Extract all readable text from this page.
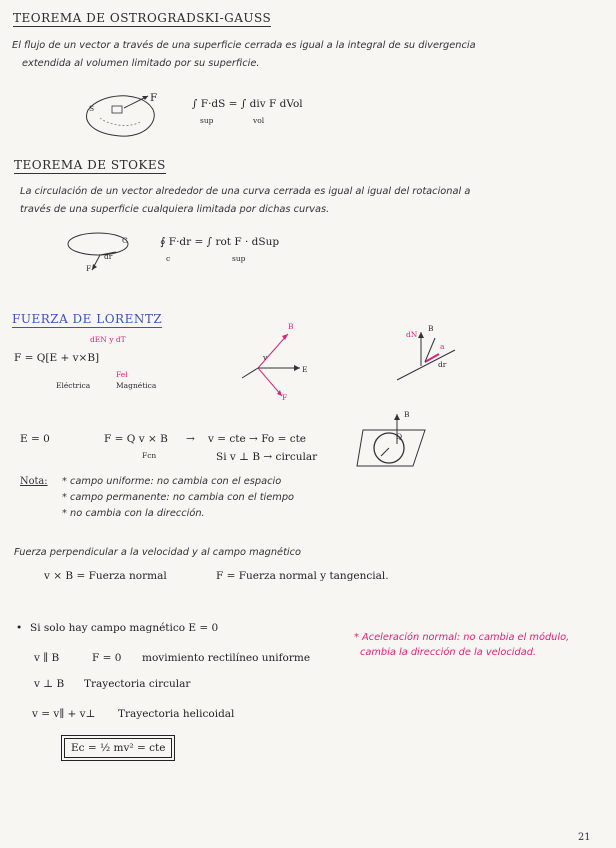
TEOREMA DE OSTROGRADSKI-GAUSS
El flujo de un vector a través de una superficie cerrada es igual a la integral de su divergencia
extendida al volumen limitado por su superficie.
F
S	∫ F·dS = ∫ div F dVol
sup	vol
TEOREMA DE STOKES
La circulación de un vector alrededor de una curva cerrada es igual al igual del rotacional a
través de una superficie cualquiera limitada por dichas curvas.
C
dr
F
∮ F·dr = ∫ rot F · dSup
c	sup
FUERZA DE LORENTZ
dEN y dT
F = Q[E + v×B]
Fel
Eléctrica	Magnética
B
E
F
v
B
dr
dN
a
E = 0	F = Q v × B
Fcn
→ v = cte → Fo = cte
Si v ⊥ B → circular
B
Q
Nota: * campo uniforme: no cambia con el espacio
* campo permanente: no cambia con el tiempo
* no cambia con la dirección.
Fuerza perpendicular a la velocidad y al campo magnético
v × B = Fuerza normal	F = Fuerza normal y tangencial.
• Si solo hay campo magnético E = 0
* Aceleración normal: no cambia el módulo,
cambia la dirección de la velocidad.
v ∥ B	F = 0 movimiento rectilíneo uniforme
v ⊥ B Trayectoria circular
v = v∥ + v⊥ Trayectoria helicoidal
Ec = ½ mv² = cte
21
